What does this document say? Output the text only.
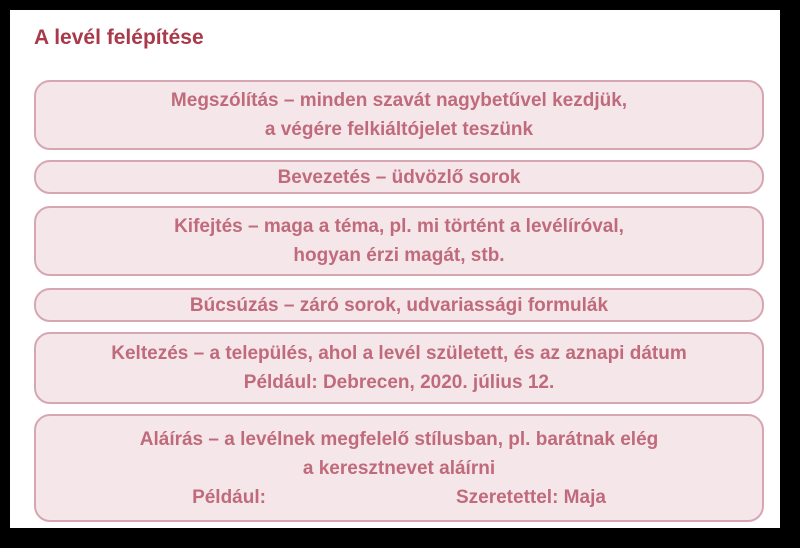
A levél felépítése
Megszólítás – minden szavát nagybetűvel kezdjük,
a végére felkiáltójelet teszünk
Bevezetés – üdvözlő sorok
Kifejtés – maga a téma, pl. mi történt a levélíróval,
hogyan érzi magát, stb.
Búcsúzás – záró sorok, udvariassági formulák
Keltezés – a település, ahol a levél született, és az aznapi dátum
Például: Debrecen, 2020. július 12.
Aláírás – a levélnek megfelelő stílusban, pl. barátnak elég
a keresztnevet aláírni
Például:	Szeretettel: Maja
